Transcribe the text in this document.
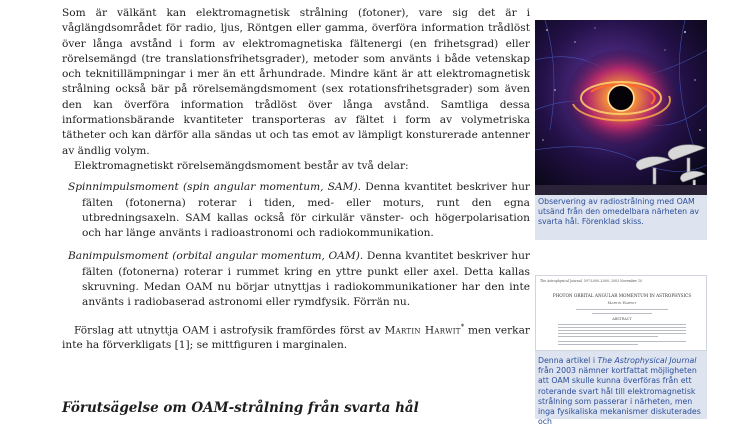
Som är välkänt kan elektromagnetisk strålning (fotoner), vare sig det är i våglängdsområdet för radio, ljus, Röntgen eller gamma, överföra information trådlöst över långa avstånd i form av elektromagnetiska fältenergi (en frihetsgrad) eller rörelsemängd (tre translationsfrihetsgrader), metoder som använts i både vetenskap och teknitillämpningar i mer än ett århundrade. Mindre känt är att elektromagnetisk strålning också bär på rörelsemängdsmoment (sex rotationsfrihetsgrader) som även den kan överföra information trådlöst över långa avstånd. Samtliga dessa informationsbärande kvantiteter transporteras av fältet i form av volymetriska tätheter och kan därför alla sändas ut och tas emot av lämpligt konsturerade antenner av ändlig volym.

Elektromagnetiskt rörelsemängdsmoment består av två delar:

Spinnimpulsmoment (spin angular momentum, SAM). Denna kvantitet beskriver hur fälten (fotonerna) roterar i tiden, med- eller moturs, runt den egna utbredningsaxeln. SAM kallas också för cirkulär vänster- och högerpolarisation och har länge använts i radioastronomi och radiokommunikation.

Banimpulsmoment (orbital angular momentum, OAM). Denna kvantitet beskriver hur fälten (fotonerna) roterar i rummet kring en yttre punkt eller axel. Detta kallas skruvning. Medan OAM nu börjar utnyttjas i radiokommunikationer har den inte använts i radiobaserad astronomi eller rymdfysik. Förrän nu.

Förslag att utnyttja OAM i astrofysik framfördes först av Martin Harwit* men verkar inte ha förverkligats [1]; se mittfiguren i marginalen.

Förutsägelse om OAM-strålning från svarta hål

Observering av radiostrålning med OAM utsänd från den omedelbara närheten av svarta hål. Förenklad skiss.

The Astrophysical Journal, 597:L000–L000, 2003 November 10
PHOTON ORBITAL ANGULAR MOMENTUM IN ASTROPHYSICS
Martin Harwit
ABSTRACT

Denna artikel i The Astrophysical Journal från 2003 nämner kortfattat möjligheten att OAM skulle kunna överföras från ett roterande svart hål till elektromagnetisk strålning som passerar i närheten, men inga fysikaliska mekanismer diskuterades och
